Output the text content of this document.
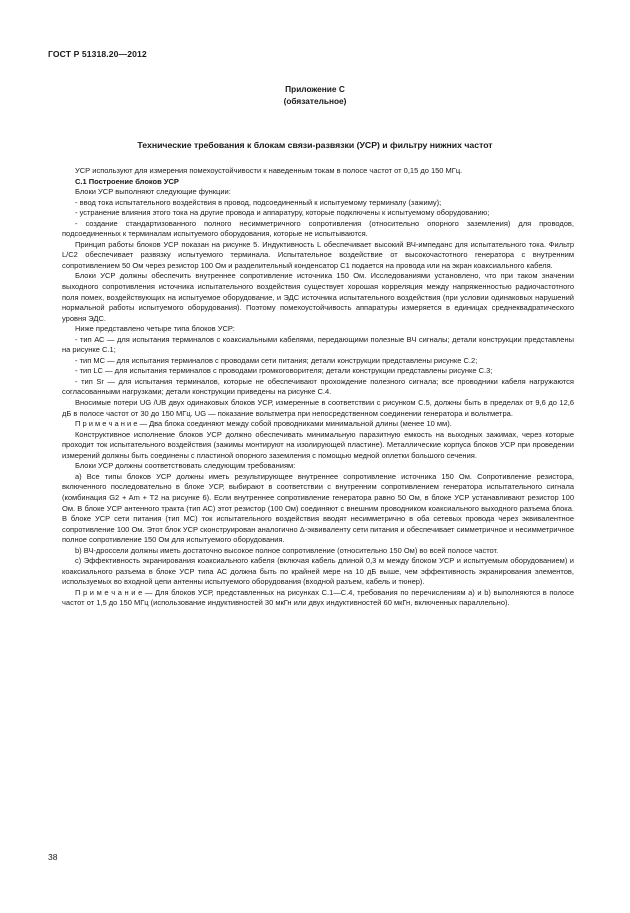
ГОСТ Р 51318.20—2012
Приложение С
(обязательное)
Технические требования к блокам связи-развязки (УСР) и фильтру нижних частот

УСР используют для измерения помехоустойчивости к наведенным токам в полосе частот от 0,15 до 150 МГц.

С.1 Построение блоков УСР

Блоки УСР выполняют следующие функции:

- ввод тока испытательного воздействия в провод, подсоединенный к испытуемому терминалу (зажиму);

- устранение влияния этого тока на другие провода и аппаратуру, которые подключены к испытуемому оборудованию;

- создание стандартизованного полного несимметричного сопротивления (относительно опорного заземления) для проводов, подсоединенных к терминалам испытуемого оборудования, которые не испытываются.

Принцип работы блоков УСР показан на рисунке 5. Индуктивность L обеспечивает высокий ВЧ-импеданс для испытательного тока. Фильтр L/C2 обеспечивает развязку испытуемого терминала. Испытательное воздействие от высокочастотного генератора с внутренним сопротивлением 50 Ом через резистор 100 Ом и разделительный конденсатор C1 подается на провода или на экран коаксиального кабеля.

Блоки УСР должны обеспечить внутреннее сопротивление источника 150 Ом. Исследованиями установлено, что при таком значении выходного сопротивления источника испытательного воздействия существует хорошая корреляция между напряженностью радиочастотного поля помех, воздействующих на испытуемое оборудование, и ЭДС источника испытательного воздействия (при условии одинаковых нарушений нормальной работы испытуемого оборудования). Поэтому помехоустойчивость аппаратуры измеряется в единицах среднеквадратического уровня ЭДС.

Ниже представлено четыре типа блоков УСР:

- тип АС — для испытания терминалов с коаксиальными кабелями, передающими полезные ВЧ сигналы; детали конструкции представлены на рисунке С.1;

- тип МС — для испытания терминалов с проводами сети питания; детали конструкции представлены рисунке С.2;

- тип LC — для испытания терминалов с проводами громкоговорителя; детали конструкции представлены рисунке С.3;

- тип Sr — для испытания терминалов, которые не обеспечивают прохождение полезного сигнала; все проводники кабеля нагружаются согласованными нагрузками; детали конструкции приведены на рисунке С.4.

Вносимые потери UG /UB двух одинаковых блоков УСР, измеренные в соответствии с рисунком С.5, должны быть в пределах от 9,6 до 12,6 дБ в полосе частот от 30 до 150 МГц. UG — показание вольтметра при непосредственном соединении генератора и вольтметра.

П р и м е ч а н и е — Два блока соединяют между собой проводниками минимальной длины (менее 10 мм).

Конструктивное исполнение блоков УСР должно обеспечивать минимальную паразитную емкость на выходных зажимах, через которые проходит ток испытательного воздействия (зажимы монтируют на изолирующей пластине). Металлические корпуса блоков УСР при проведении измерений должны быть соединены с пластиной опорного заземления с помощью медной оплетки большого сечения.

Блоки УСР должны соответствовать следующим требованиям:

а) Все типы блоков УСР должны иметь результирующее внутреннее сопротивление источника 150 Ом. Сопротивление резистора, включенного последовательно в блоке УСР, выбирают в соответствии с внутренним сопротивлением генератора испытательного сигнала (комбинация G2 + Am + T2 на рисунке 6). Если внутреннее сопротивление генератора равно 50 Ом, в блоке УСР устанавливают резистор 100 Ом. В блоке УСР антенного тракта (тип АС) этот резистор (100 Ом) соединяют с внешним проводником коаксиального выходного разъема блока. В блоке УСР сети питания (тип МС) ток испытательного воздействия вводят несимметрично в оба сетевых провода через эквивалентное сопротивление 100 Ом. Этот блок УСР сконструирован аналогично Δ-эквиваленту сети питания и обеспечивает симметричное и несимметричное полное сопротивление 150 Ом для испытуемого оборудования.

b) ВЧ-дроссели должны иметь достаточно высокое полное сопротивление (относительно 150 Ом) во всей полосе частот.

с) Эффективность экранирования коаксиального кабеля (включая кабель длиной 0,3 м между блоком УСР и испытуемым оборудованием) и коаксиального разъема в блоке УСР типа АС должна быть по крайней мере на 10 дБ выше, чем эффективность экранирования элементов, используемых во входной цепи антенны испытуемого оборудования (входной разъем, кабель и тюнер).

П р и м е ч а н и е — Для блоков УСР, представленных на рисунках С.1—С.4, требования по перечислениям а) и b) выполняются в полосе частот от 1,5 до 150 МГц (использование индуктивностей 30 мкГн или двух индуктивностей 60 мкГн, включенных параллельно).

38
